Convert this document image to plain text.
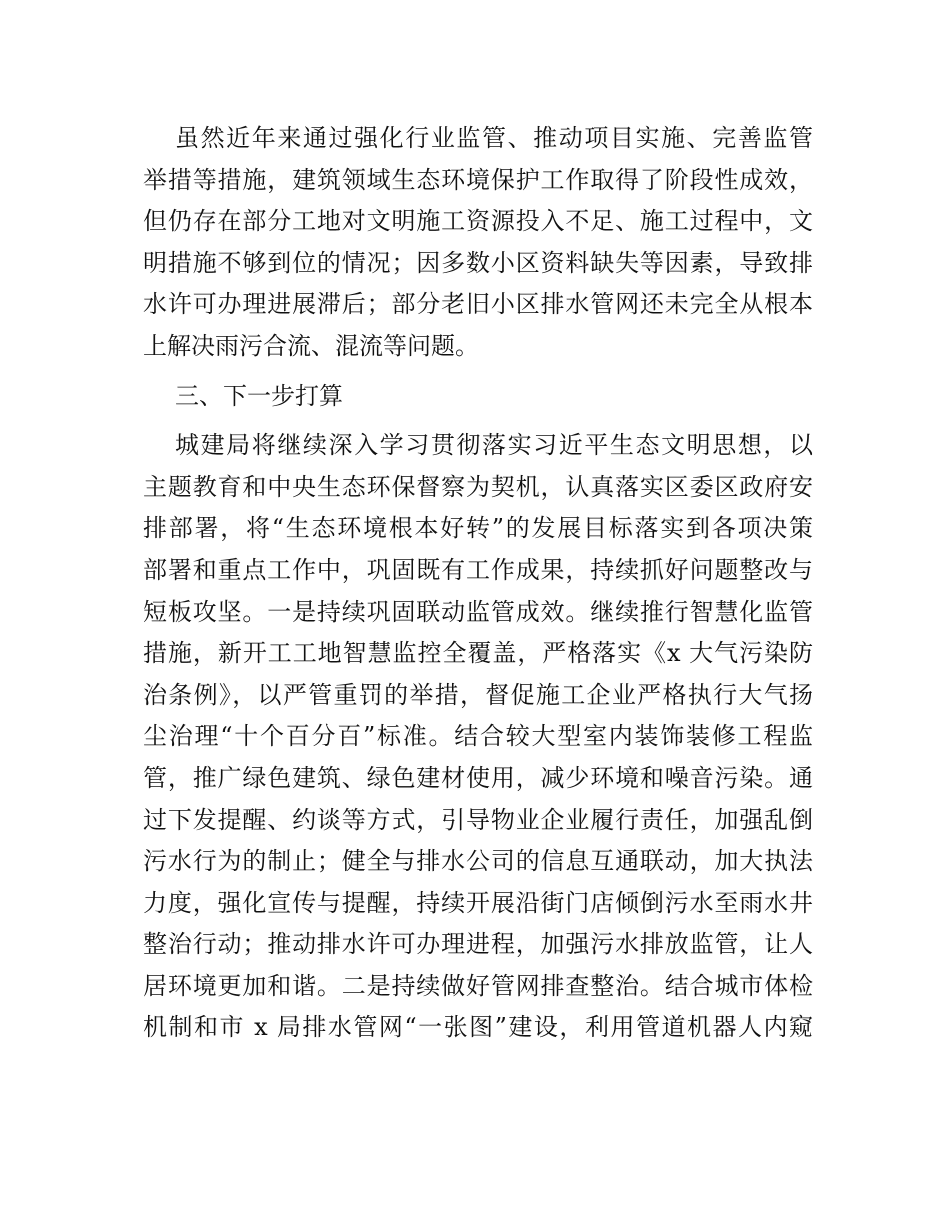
虽然近年来通过强化行业监管、推动项目实施、完善监管
举措等措施，建筑领域生态环境保护工作取得了阶段性成效，
但仍存在部分工地对文明施工资源投入不足、施工过程中，文
明措施不够到位的情况；因多数小区资料缺失等因素，导致排
水许可办理进展滞后；部分老旧小区排水管网还未完全从根本
上解决雨污合流、混流等问题。
三、下一步打算
城建局将继续深入学习贯彻落实习近平生态文明思想，以
主题教育和中央生态环保督察为契机，认真落实区委区政府安
排部署，将“生态环境根本好转”的发展目标落实到各项决策
部署和重点工作中，巩固既有工作成果，持续抓好问题整改与
短板攻坚。一是持续巩固联动监管成效。继续推行智慧化监管
措施，新开工工地智慧监控全覆盖，严格落实《x 大气污染防
治条例》，以严管重罚的举措，督促施工企业严格执行大气扬
尘治理“十个百分百”标准。结合较大型室内装饰装修工程监
管，推广绿色建筑、绿色建材使用，减少环境和噪音污染。通
过下发提醒、约谈等方式，引导物业企业履行责任，加强乱倒
污水行为的制止；健全与排水公司的信息互通联动，加大执法
力度，强化宣传与提醒，持续开展沿街门店倾倒污水至雨水井
整治行动；推动排水许可办理进程，加强污水排放监管，让人
居环境更加和谐。二是持续做好管网排查整治。结合城市体检
机制和市 x 局排水管网“一张图”建设，利用管道机器人内窥
